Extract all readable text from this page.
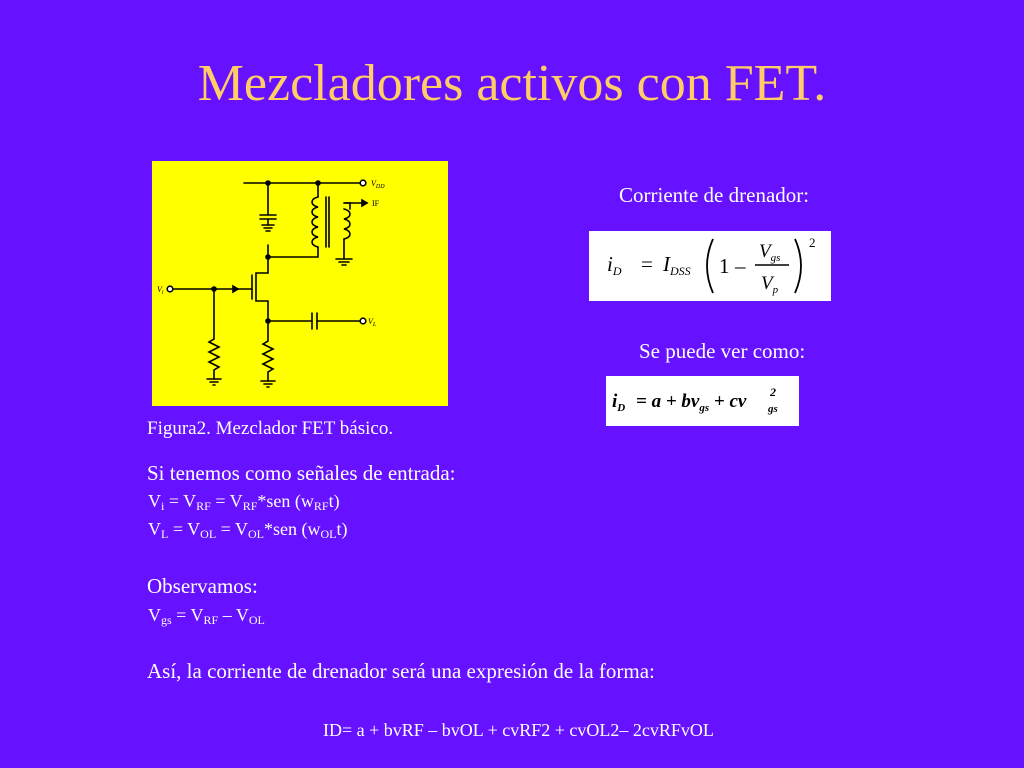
Mezcladores activos con FET.
$V_{DD}$
IF
$V_i$
$V_L$
Figura2. Mezclador FET básico.
Corriente de drenador:
iD = IDSS 1 –
$V_{gs}$
$V_p$
2
Se puede ver como:
$i_D = a + bv_{gs}$ + cv 2
gs
Si tenemos como señales de entrada:
$V_i = V_{RF} = V_{RF}*sen$ $(w_{RF}t)$
$V_L = V_{OL} = V_{OL}*sen$ $(w_{OL}t)$
Observamos:
$V_{gs} = V_{RF} - V_{OL}$
Así, la corriente de drenador será una expresión de la forma:
ID= a + bvRF – bvOL + cvRF2 + cvOL2– 2cvRFvOL
